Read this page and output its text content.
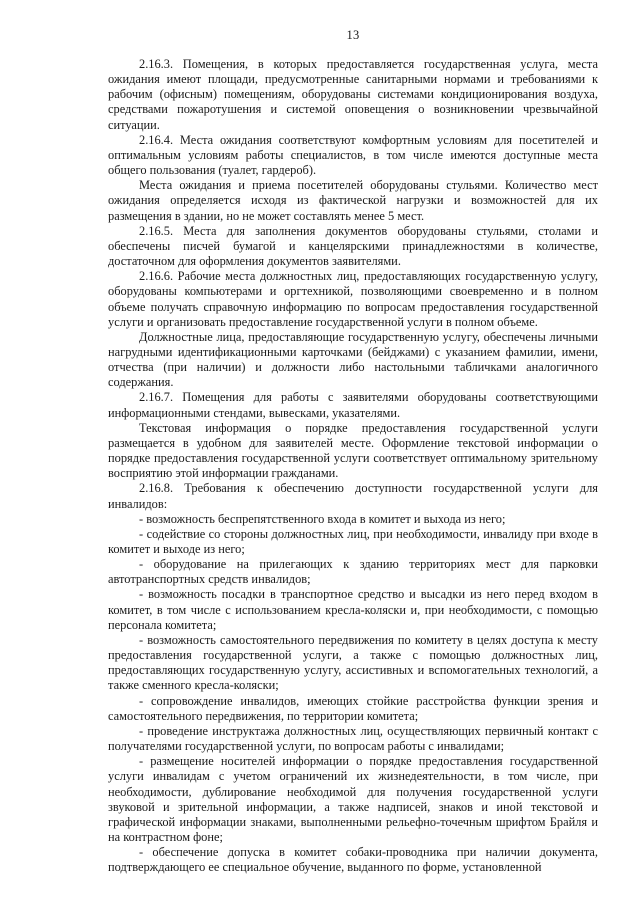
13

2.16.3. Помещения, в которых предоставляется государственная услуга, места ожидания имеют площади, предусмотренные санитарными нормами и требованиями к рабочим (офисным) помещениям, оборудованы системами кондиционирования воздуха, средствами пожаротушения и системой оповещения о возникновении чрезвычайной ситуации.

2.16.4. Места ожидания соответствуют комфортным условиям для посетителей и оптимальным условиям работы специалистов, в том числе имеются доступные места общего пользования (туалет, гардероб).

Места ожидания и приема посетителей оборудованы стульями. Количество мест ожидания определяется исходя из фактической нагрузки и возможностей для их размещения в здании, но не может составлять менее 5 мест.

2.16.5. Места для заполнения документов оборудованы стульями, столами и обеспечены писчей бумагой и канцелярскими принадлежностями в количестве, достаточном для оформления документов заявителями.

2.16.6. Рабочие места должностных лиц, предоставляющих государственную услугу, оборудованы компьютерами и оргтехникой, позволяющими своевременно и в полном объеме получать справочную информацию по вопросам предоставления государственной услуги и организовать предоставление государственной услуги в полном объеме.

Должностные лица, предоставляющие государственную услугу, обеспечены личными нагрудными идентификационными карточками (бейджами) с указанием фамилии, имени, отчества (при наличии) и должности либо настольными табличками аналогичного содержания.

2.16.7. Помещения для работы с заявителями оборудованы соответствующими информационными стендами, вывесками, указателями.

Текстовая информация о порядке предоставления государственной услуги размещается в удобном для заявителей месте. Оформление текстовой информации о порядке предоставления государственной услуги соответствует оптимальному зрительному восприятию этой информации гражданами.

2.16.8. Требования к обеспечению доступности государственной услуги для инвалидов:

- возможность беспрепятственного входа в комитет и выхода из него;

- содействие со стороны должностных лиц, при необходимости, инвалиду при входе в комитет и выходе из него;

- оборудование на прилегающих к зданию территориях мест для парковки автотранспортных средств инвалидов;

- возможность посадки в транспортное средство и высадки из него перед входом в комитет, в том числе с использованием кресла-коляски и, при необходимости, с помощью персонала комитета;

- возможность самостоятельного передвижения по комитету в целях доступа к месту предоставления государственной услуги, а также с помощью должностных лиц, предоставляющих государственную услугу, ассистивных и вспомогательных технологий, а также сменного кресла-коляски;

- сопровождение инвалидов, имеющих стойкие расстройства функции зрения и самостоятельного передвижения, по территории комитета;

- проведение инструктажа должностных лиц, осуществляющих первичный контакт с получателями государственной услуги, по вопросам работы с инвалидами;

- размещение носителей информации о порядке предоставления государственной услуги инвалидам с учетом ограничений их жизнедеятельности, в том числе, при необходимости, дублирование необходимой для получения государственной услуги звуковой и зрительной информации, а также надписей, знаков и иной текстовой и графической информации знаками, выполненными рельефно-точечным шрифтом Брайля и на контрастном фоне;

- обеспечение допуска в комитет собаки-проводника при наличии документа, подтверждающего ее специальное обучение, выданного по форме, установленной
